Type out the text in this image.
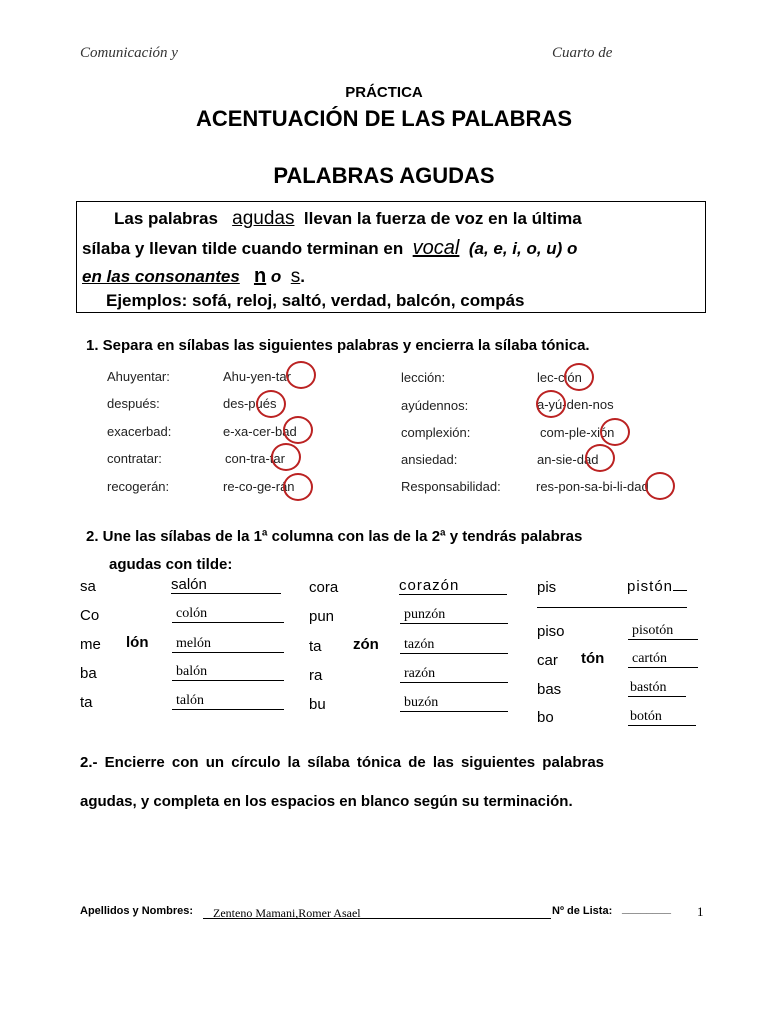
Comunicación y	Cuarto de
PRÁCTICA
ACENTUACIÓN DE LAS PALABRAS
PALABRAS AGUDAS
Las palabras agudas llevan la fuerza de voz en la última
sílaba y llevan tilde cuando terminan en vocal (a, e, i, o, u) o
en las consonantes n o s.
Ejemplos: sofá, reloj, saltó, verdad, balcón, compás
1. Separa en sílabas las siguientes palabras y encierra la sílaba tónica.
Ahuyentar:	Ahu-yen-tar
después:	des-pués
exacerbad:	e-xa-cer-bad
contratar:	con-tra-tar
recogerán:	re-co-ge-rán
lección:	lec-ción
ayúdennos:	a-yú-den-nos
complexión:	com-ple-xión
ansiedad:	an-sie-dad
Responsabilidad:	res-pon-sa-bi-li-dad
2. Une las sílabas de la 1ª columna con las de la 2ª y tendrás palabras
agudas con tilde:
sa	salón
Co	colón
me lón melón
ba	balón
ta	talón
cora	corazón
pun	punzón
ta zón tazón
ra	razón
bu	buzón
pis	pistón
piso	pisotón
car tón cartón
bas	bastón
bo	botón
2.- Encierre con un círculo la sílaba tónica de las siguientes palabras
agudas, y completa en los espacios en blanco según su terminación.
Apellidos y Nombres:	Zenteno Mamani,Romer Asael	Nº de Lista: ________ 1
